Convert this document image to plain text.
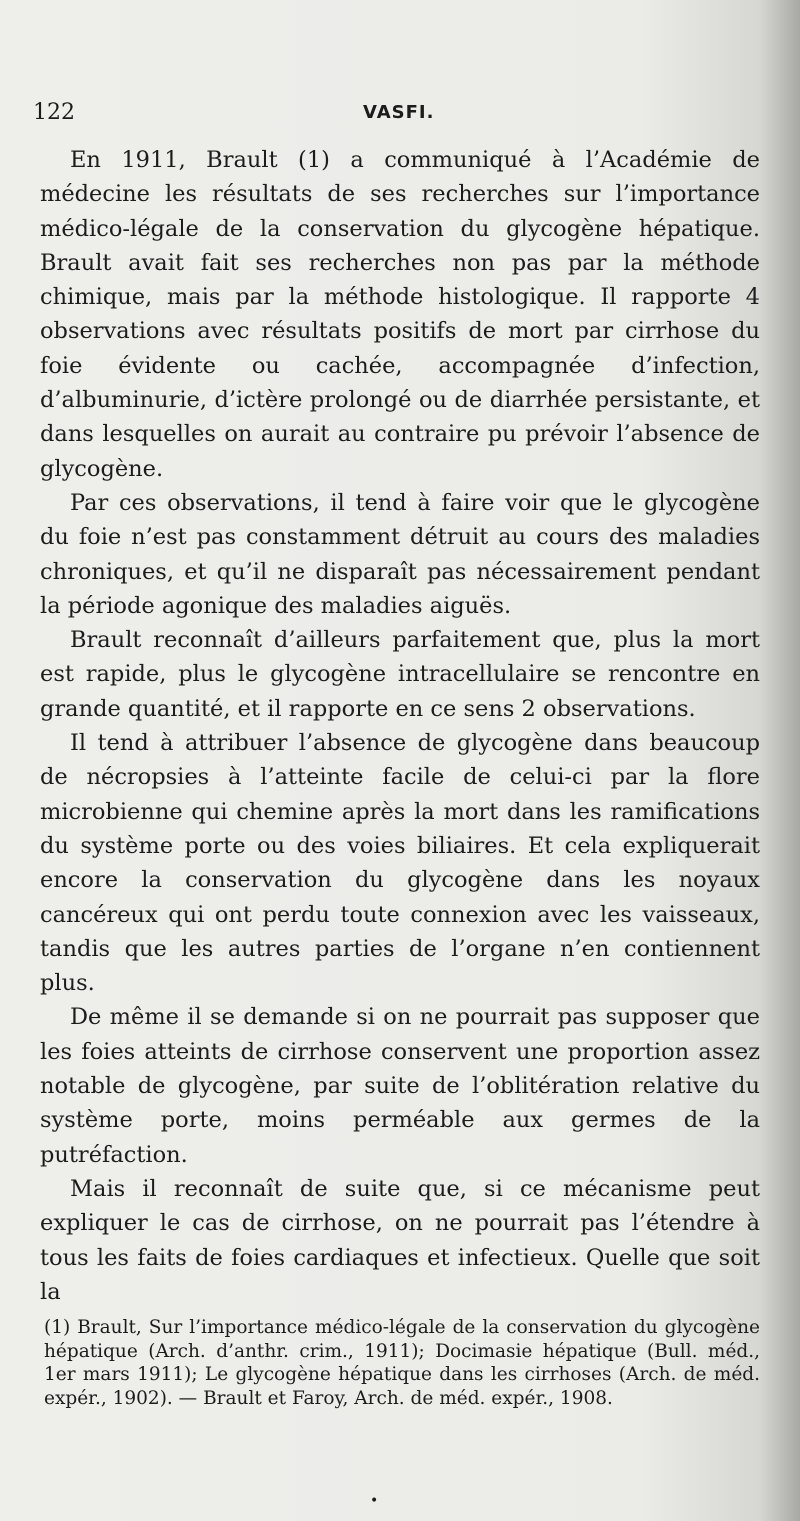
122	VASFI.

En 1911, Brault (1) a communiqué à l’Académie de médecine les résultats de ses recherches sur l’importance médico-légale de la conservation du glycogène hépatique. Brault avait fait ses recherches non pas par la méthode chimique, mais par la méthode histologique. Il rapporte 4 observations avec résultats positifs de mort par cirrhose du foie évidente ou cachée, accompagnée d’infection, d’albuminurie, d’ictère prolongé ou de diarrhée persistante, et dans lesquelles on aurait au contraire pu prévoir l’absence de glycogène.

Par ces observations, il tend à faire voir que le glycogène du foie n’est pas constamment détruit au cours des maladies chroniques, et qu’il ne disparaît pas nécessairement pendant la période agonique des maladies aiguës.

Brault reconnaît d’ailleurs parfaitement que, plus la mort est rapide, plus le glycogène intracellulaire se rencontre en grande quantité, et il rapporte en ce sens 2 observations.

Il tend à attribuer l’absence de glycogène dans beaucoup de nécropsies à l’atteinte facile de celui-ci par la flore microbienne qui chemine après la mort dans les ramifications du système porte ou des voies biliaires. Et cela expliquerait encore la conservation du glycogène dans les noyaux cancéreux qui ont perdu toute connexion avec les vaisseaux, tandis que les autres parties de l’organe n’en contiennent plus.

De même il se demande si on ne pourrait pas supposer que les foies atteints de cirrhose conservent une proportion assez notable de glycogène, par suite de l’oblitération relative du système porte, moins perméable aux germes de la putréfaction.

Mais il reconnaît de suite que, si ce mécanisme peut expliquer le cas de cirrhose, on ne pourrait pas l’étendre à tous les faits de foies cardiaques et infectieux. Quelle que soit la

(1) Brault, Sur l’importance médico-légale de la conservation du glycogène hépatique (Arch. d’anthr. crim., 1911); Docimasie hépatique (Bull. méd., 1er mars 1911); Le glycogène hépatique dans les cirrhoses (Arch. de méd. expér., 1902). — Brault et Faroy, Arch. de méd. expér., 1908.

•
